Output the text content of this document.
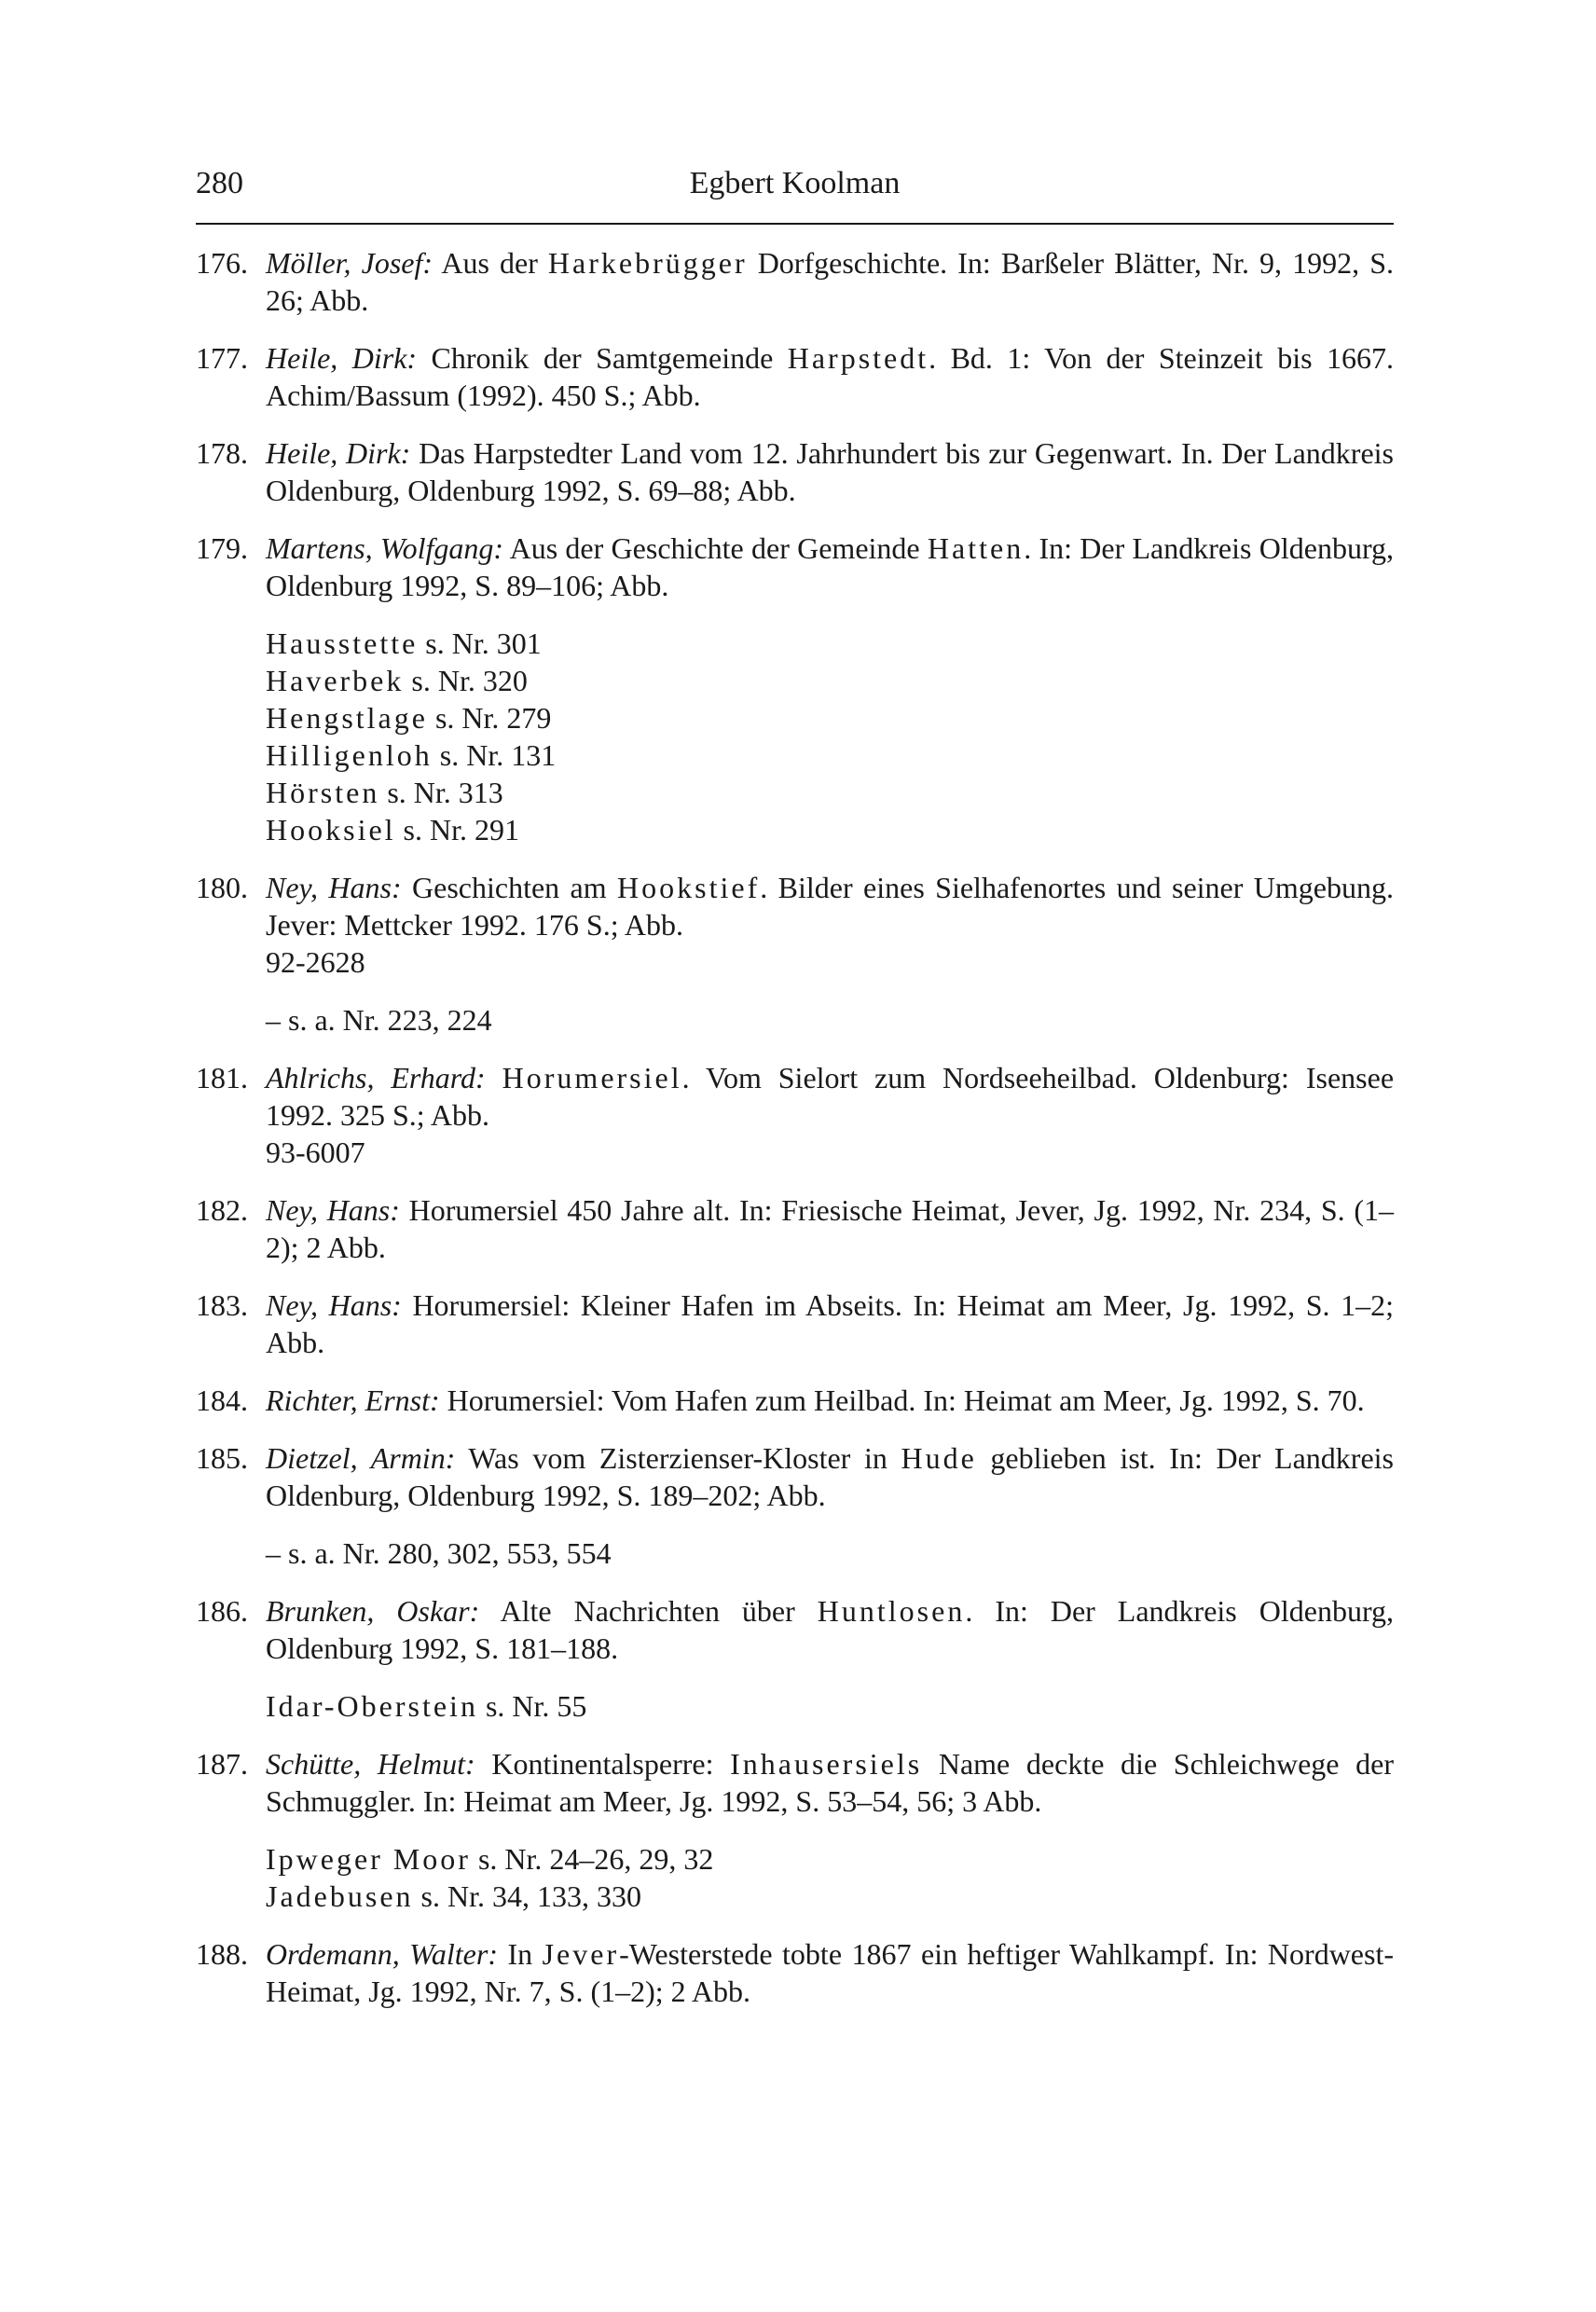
280	Egbert Koolman
176. Möller, Josef: Aus der Harkebrügger Dorfgeschichte. In: Barßeler Blätter, Nr. 9, 1992, S. 26; Abb.
177. Heile, Dirk: Chronik der Samtgemeinde Harpstedt. Bd. 1: Von der Steinzeit bis 1667. Achim/Bassum (1992). 450 S.; Abb.
178. Heile, Dirk: Das Harpstedter Land vom 12. Jahrhundert bis zur Gegenwart. In. Der Landkreis Oldenburg, Oldenburg 1992, S. 69–88; Abb.
179. Martens, Wolfgang: Aus der Geschichte der Gemeinde Hatten. In: Der Landkreis Oldenburg, Oldenburg 1992, S. 89–106; Abb.
Hausstette s. Nr. 301
Haverbek s. Nr. 320
Hengstlage s. Nr. 279
Hilligenloh s. Nr. 131
Hörsten s. Nr. 313
Hooksiel s. Nr. 291
180. Ney, Hans: Geschichten am Hookstief. Bilder eines Sielhafenortes und seiner Umgebung. Jever: Mettcker 1992. 176 S.; Abb.
92-2628
– s. a. Nr. 223, 224
181. Ahlrichs, Erhard: Horumersiel. Vom Sielort zum Nordseeheilbad. Oldenburg: Isensee 1992. 325 S.; Abb.
93-6007
182. Ney, Hans: Horumersiel 450 Jahre alt. In: Friesische Heimat, Jever, Jg. 1992, Nr. 234, S. (1–2); 2 Abb.
183. Ney, Hans: Horumersiel: Kleiner Hafen im Abseits. In: Heimat am Meer, Jg. 1992, S. 1–2; Abb.
184. Richter, Ernst: Horumersiel: Vom Hafen zum Heilbad. In: Heimat am Meer, Jg. 1992, S. 70.
185. Dietzel, Armin: Was vom Zisterzienser-Kloster in Hude geblieben ist. In: Der Landkreis Oldenburg, Oldenburg 1992, S. 189–202; Abb.
– s. a. Nr. 280, 302, 553, 554
186. Brunken, Oskar: Alte Nachrichten über Huntlosen. In: Der Landkreis Oldenburg, Oldenburg 1992, S. 181–188.
Idar-Oberstein s. Nr. 55
187. Schütte, Helmut: Kontinentalsperre: Inhausersiels Name deckte die Schleichwege der Schmuggler. In: Heimat am Meer, Jg. 1992, S. 53–54, 56; 3 Abb.
Ipweger Moor s. Nr. 24–26, 29, 32
Jadebusen s. Nr. 34, 133, 330
188. Ordemann, Walter: In Jever-Westerstede tobte 1867 ein heftiger Wahlkampf. In: Nordwest-Heimat, Jg. 1992, Nr. 7, S. (1–2); 2 Abb.
